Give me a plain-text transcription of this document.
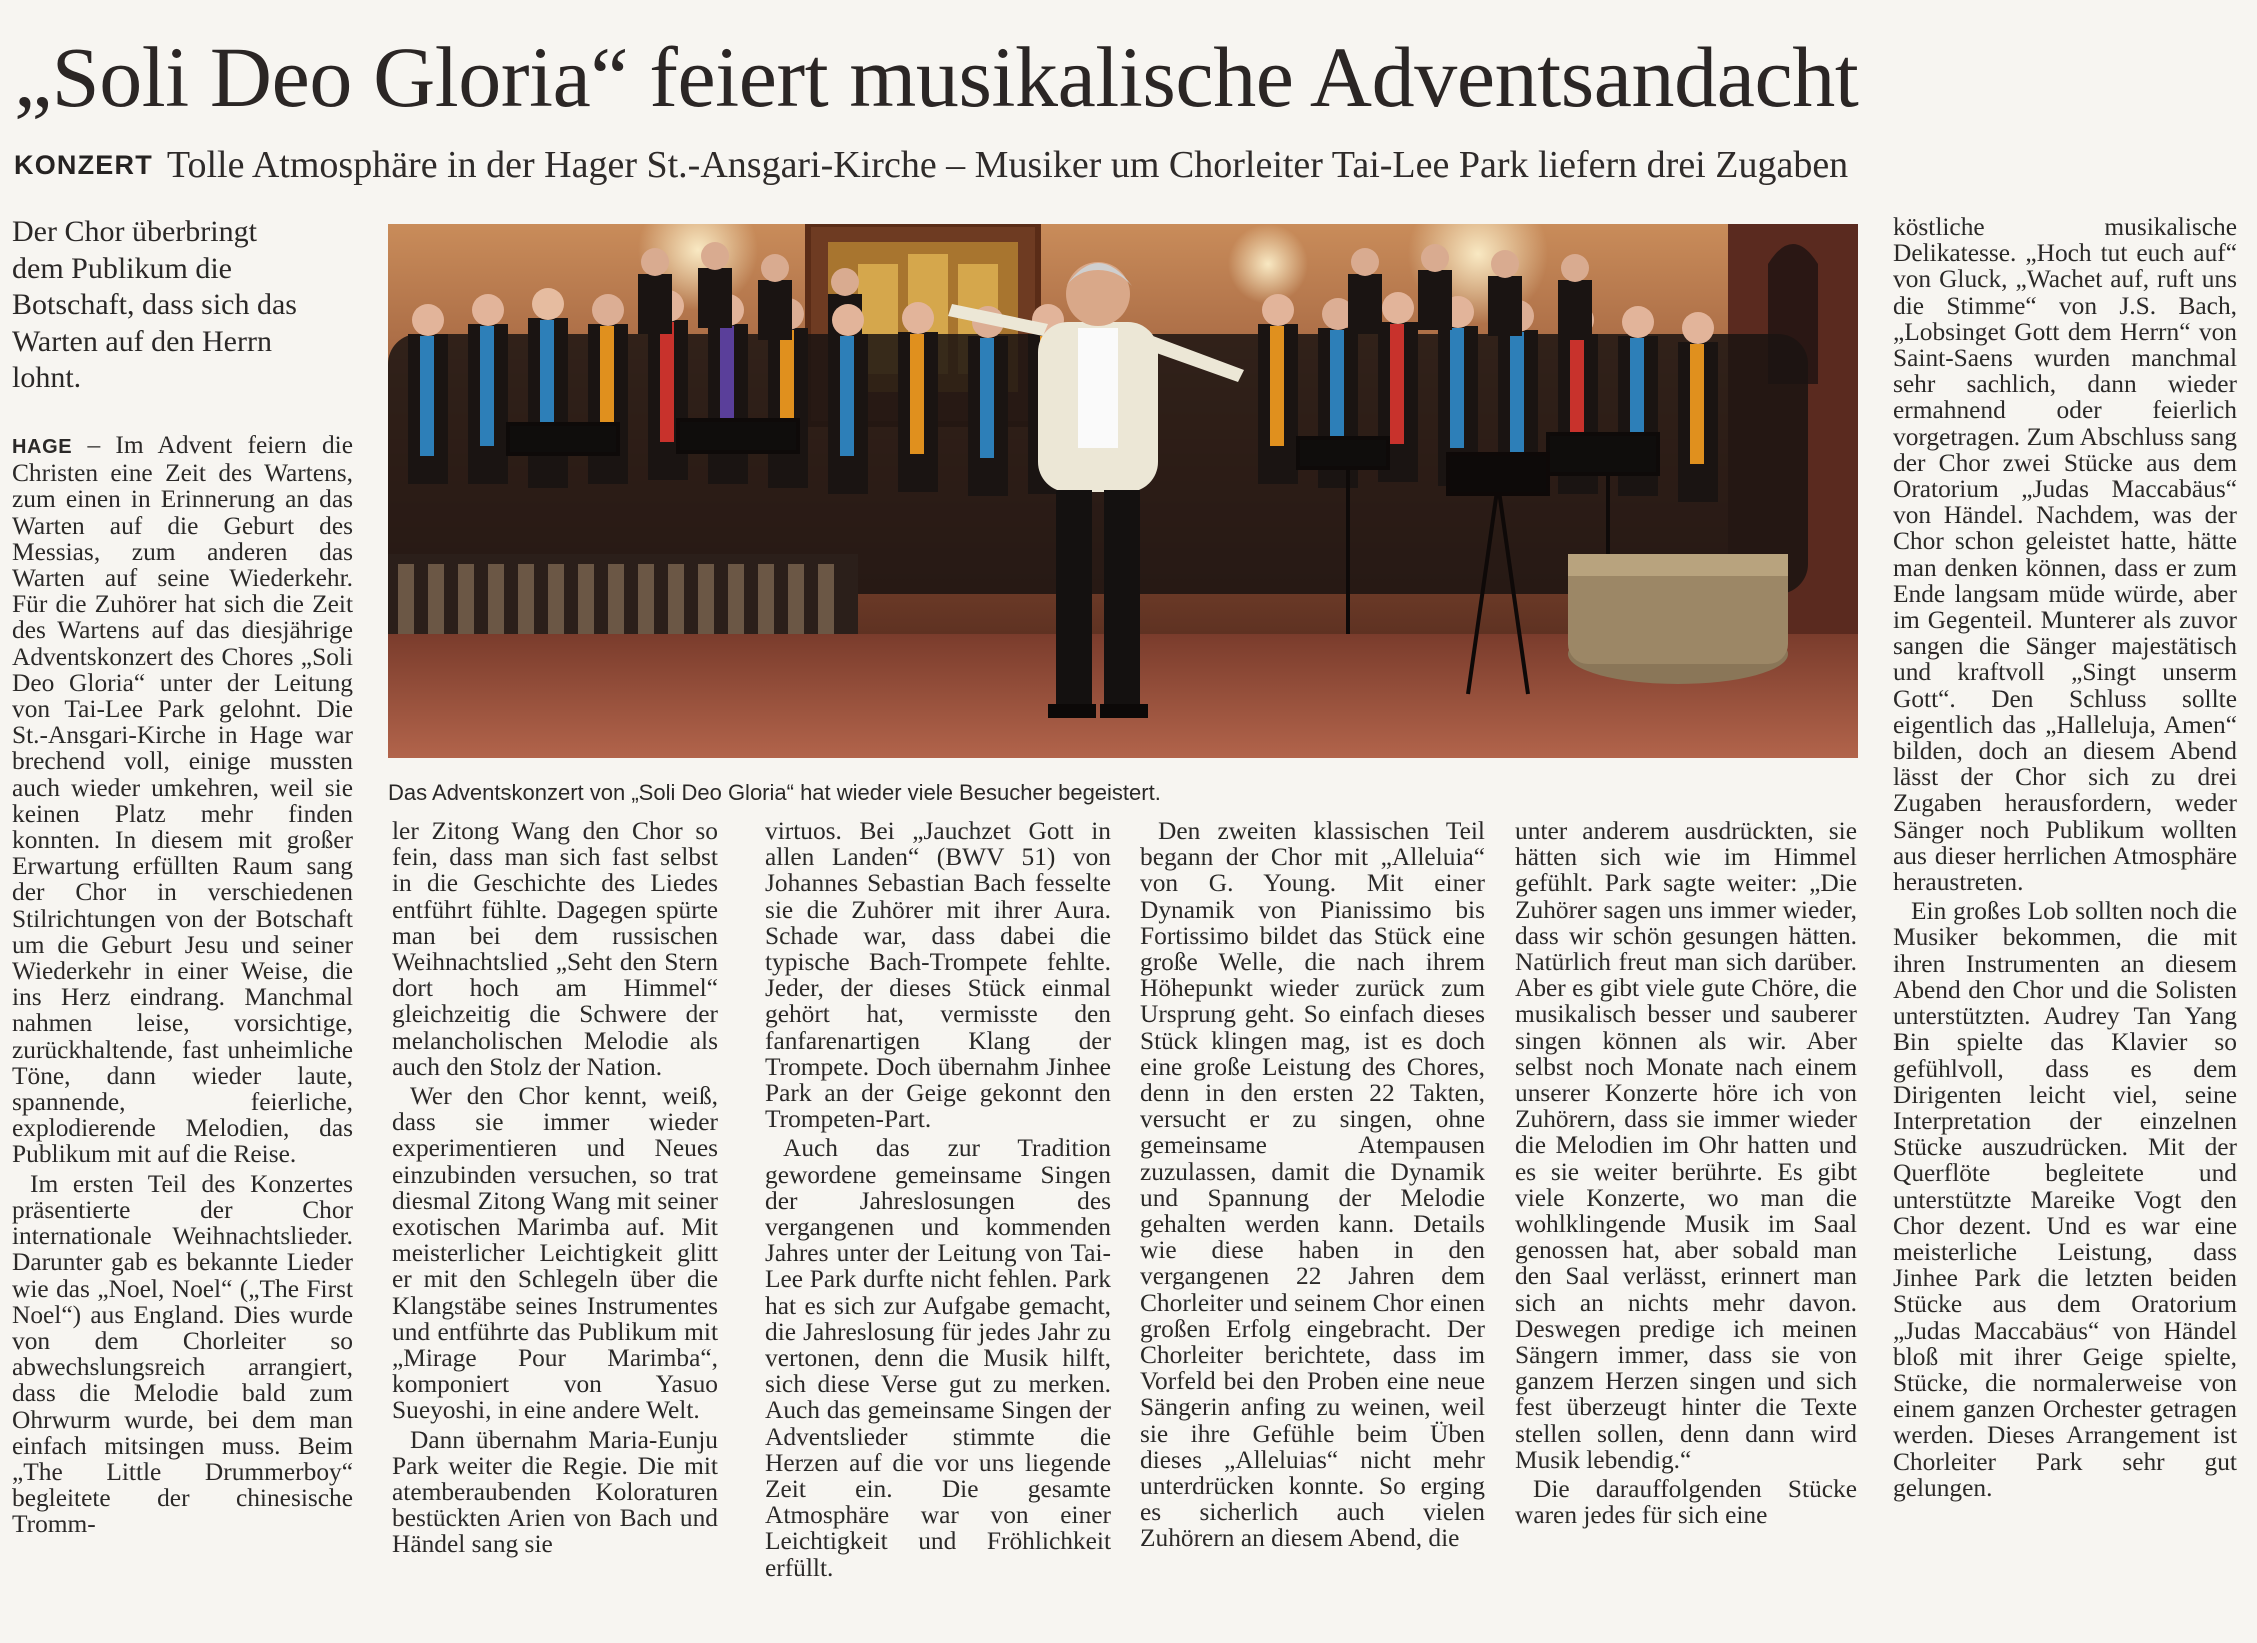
„Soli Deo Gloria“ feiert musikalische Adventsandacht
KONZERT Tolle Atmosphäre in der Hager St.-Ansgari-Kirche – Musiker um Chorleiter Tai-Lee Park liefern drei Zugaben

Der Chor überbringt dem Publikum die Botschaft, dass sich das Warten auf den Herrn lohnt.

Das Adventskonzert von „Soli Deo Gloria“ hat wieder viele Besucher begeistert.

HAGE – Im Advent feiern die Christen eine Zeit des Wartens, zum einen in Erinnerung an das Warten auf die Geburt des Messias, zum anderen das Warten auf seine Wiederkehr. Für die Zuhörer hat sich die Zeit des Wartens auf das diesjährige Adventskonzert des Chores „Soli Deo Gloria“ unter der Leitung von Tai-Lee Park gelohnt. Die St.-Ansgari-Kirche in Hage war brechend voll, einige mussten auch wieder umkehren, weil sie keinen Platz mehr finden konnten. In diesem mit großer Erwartung erfüllten Raum sang der Chor in verschiedenen Stilrichtungen von der Botschaft um die Geburt Jesu und seiner Wiederkehr in einer Weise, die ins Herz eindrang. Manchmal nahmen leise, vorsichtige, zurückhaltende, fast unheimliche Töne, dann wieder laute, spannende, feierliche, explodierende Melodien, das Publikum mit auf die Reise.

Im ersten Teil des Konzertes präsentierte der Chor internationale Weihnachtslieder. Darunter gab es bekannte Lieder wie das „Noel, Noel“ („The First Noel“) aus England. Dies wurde von dem Chorleiter so abwechslungsreich arrangiert, dass die Melodie bald zum Ohrwurm wurde, bei dem man einfach mitsingen muss. Beim „The Little Drummerboy“ begleitete der chinesische Tromm-

ler Zitong Wang den Chor so fein, dass man sich fast selbst in die Geschichte des Liedes entführt fühlte. Dagegen spürte man bei dem russischen Weihnachtslied „Seht den Stern dort hoch am Himmel“ gleichzeitig die Schwere der melancholischen Melodie als auch den Stolz der Nation.

Wer den Chor kennt, weiß, dass sie immer wieder experimentieren und Neues einzubinden versuchen, so trat diesmal Zitong Wang mit seiner exotischen Marimba auf. Mit meisterlicher Leichtigkeit glitt er mit den Schlegeln über die Klangstäbe seines Instrumentes und entführte das Publikum mit „Mirage Pour Marimba“, komponiert von Yasuo Sueyoshi, in eine andere Welt.

Dann übernahm Maria-Eunju Park weiter die Regie. Die mit atemberaubenden Koloraturen bestückten Arien von Bach und Händel sang sie

virtuos. Bei „Jauchzet Gott in allen Landen“ (BWV 51) von Johannes Sebastian Bach fesselte sie die Zuhörer mit ihrer Aura. Schade war, dass dabei die typische Bach-Trompete fehlte. Jeder, der dieses Stück einmal gehört hat, vermisste den fanfarenartigen Klang der Trompete. Doch übernahm Jinhee Park an der Geige gekonnt den Trompeten-Part.

Auch das zur Tradition gewordene gemeinsame Singen der Jahreslosungen des vergangenen und kommenden Jahres unter der Leitung von Tai-Lee Park durfte nicht fehlen. Park hat es sich zur Aufgabe gemacht, die Jahreslosung für jedes Jahr zu vertonen, denn die Musik hilft, sich diese Verse gut zu merken. Auch das gemeinsame Singen der Adventslieder stimmte die Herzen auf die vor uns liegende Zeit ein. Die gesamte Atmosphäre war von einer Leichtigkeit und Fröhlichkeit erfüllt.

Den zweiten klassischen Teil begann der Chor mit „Alleluia“ von G. Young. Mit einer Dynamik von Pianissimo bis Fortissimo bildet das Stück eine große Welle, die nach ihrem Höhepunkt wieder zurück zum Ursprung geht. So einfach dieses Stück klingen mag, ist es doch eine große Leistung des Chores, denn in den ersten 22 Takten, versucht er zu singen, ohne gemeinsame Atempausen zuzulassen, damit die Dynamik und Spannung der Melodie gehalten werden kann. Details wie diese haben in den vergangenen 22 Jahren dem Chorleiter und seinem Chor einen großen Erfolg eingebracht. Der Chorleiter berichtete, dass im Vorfeld bei den Proben eine neue Sängerin anfing zu weinen, weil sie ihre Gefühle beim Üben dieses „Alleluias“ nicht mehr unterdrücken konnte. So erging es sicherlich auch vielen Zuhörern an diesem Abend, die

unter anderem ausdrückten, sie hätten sich wie im Himmel gefühlt. Park sagte weiter: „Die Zuhörer sagen uns immer wieder, dass wir schön gesungen hätten. Natürlich freut man sich darüber. Aber es gibt viele gute Chöre, die musikalisch besser und sauberer singen können als wir. Aber selbst noch Monate nach einem unserer Konzerte höre ich von Zuhörern, dass sie immer wieder die Melodien im Ohr hatten und es sie weiter berührte. Es gibt viele Konzerte, wo man die wohlklingende Musik im Saal genossen hat, aber sobald man den Saal verlässt, erinnert man sich an nichts mehr davon. Deswegen predige ich meinen Sängern immer, dass sie von ganzem Herzen singen und sich fest überzeugt hinter die Texte stellen sollen, denn dann wird Musik lebendig.“

Die darauffolgenden Stücke waren jedes für sich eine

köstliche musikalische Delikatesse. „Hoch tut euch auf“ von Gluck, „Wachet auf, ruft uns die Stimme“ von J.S. Bach, „Lobsinget Gott dem Herrn“ von Saint-Saens wurden manchmal sehr sachlich, dann wieder ermahnend oder feierlich vorgetragen. Zum Abschluss sang der Chor zwei Stücke aus dem Oratorium „Judas Maccabäus“ von Händel. Nachdem, was der Chor schon geleistet hatte, hätte man denken können, dass er zum Ende langsam müde würde, aber im Gegenteil. Munterer als zuvor sangen die Sänger majestätisch und kraftvoll „Singt unserm Gott“. Den Schluss sollte eigentlich das „Halleluja, Amen“ bilden, doch an diesem Abend lässt der Chor sich zu drei Zugaben herausfordern, weder Sänger noch Publikum wollten aus dieser herrlichen Atmosphäre heraustreten.

Ein großes Lob sollten noch die Musiker bekommen, die mit ihren Instrumenten an diesem Abend den Chor und die Solisten unterstützten. Audrey Tan Yang Bin spielte das Klavier so gefühlvoll, dass es dem Dirigenten leicht viel, seine Interpretation der einzelnen Stücke auszudrücken. Mit der Querflöte begleitete und unterstützte Mareike Vogt den Chor dezent. Und es war eine meisterliche Leistung, dass Jinhee Park die letzten beiden Stücke aus dem Oratorium „Judas Maccabäus“ von Händel bloß mit ihrer Geige spielte, Stücke, die normalerweise von einem ganzen Orchester getragen werden. Dieses Arrangement ist Chorleiter Park sehr gut gelungen.
